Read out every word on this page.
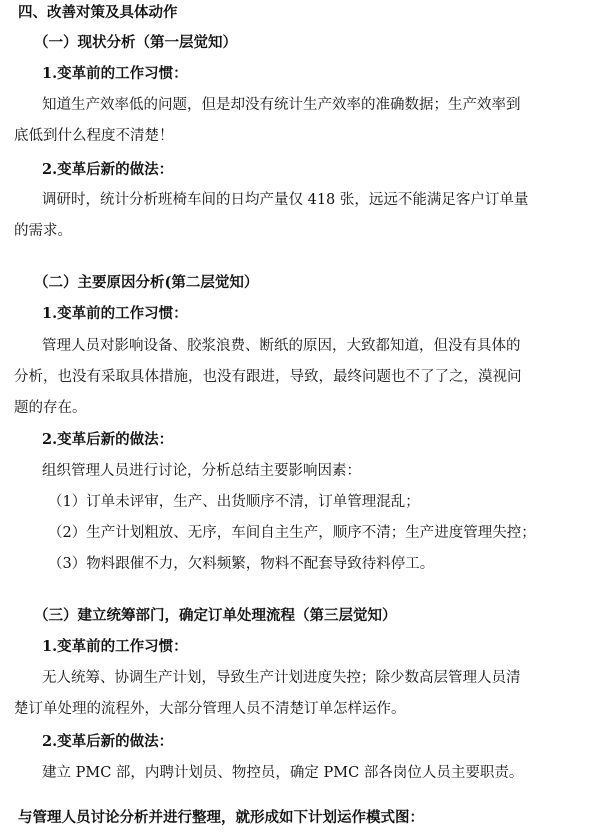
四、改善对策及具体动作
（一）现状分析（第一层觉知）
1.变革前的工作习惯：
知道生产效率低的问题，但是却没有统计生产效率的准确数据；生产效率到
底低到什么程度不清楚！
2.变革后新的做法：
调研时，统计分析班椅车间的日均产量仅 418 张，远远不能满足客户订单量
的需求。
（二）主要原因分析(第二层觉知）
1.变革前的工作习惯：
管理人员对影响设备、胶浆浪费、断纸的原因，大致都知道，但没有具体的
分析，也没有采取具体措施，也没有跟进，导致，最终问题也不了了之，漠视问
题的存在。
2.变革后新的做法：
组织管理人员进行讨论，分析总结主要影响因素：
（1）订单未评审，生产、出货顺序不清，订单管理混乱；
（2）生产计划粗放、无序，车间自主生产，顺序不清；生产进度管理失控；
（3）物料跟催不力，欠料频繁，物料不配套导致待料停工。
（三）建立统筹部门，确定订单处理流程（第三层觉知）
1.变革前的工作习惯：
无人统筹、协调生产计划，导致生产计划进度失控；除少数高层管理人员清
楚订单处理的流程外，大部分管理人员不清楚订单怎样运作。
2.变革后新的做法：
建立 PMC 部，内聘计划员、物控员，确定 PMC 部各岗位人员主要职责。
与管理人员讨论分析并进行整理，就形成如下计划运作模式图：
